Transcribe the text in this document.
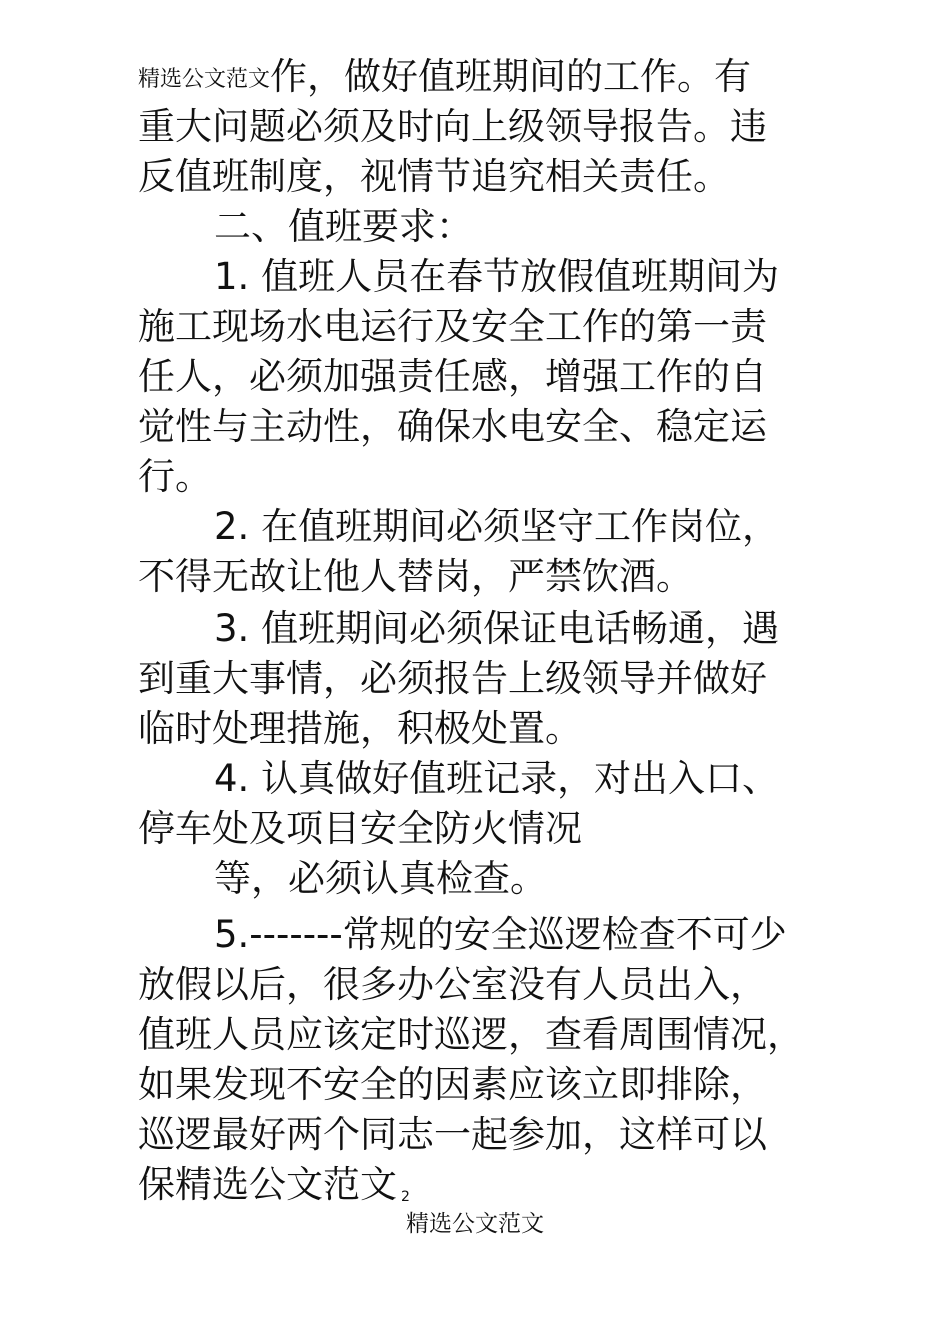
精选公文范文作，做好值班期间的工作。有
重大问题必须及时向上级领导报告。违
反值班制度，视情节追究相关责任。
二、值班要求：
1. 值班人员在春节放假值班期间为
施工现场水电运行及安全工作的第一责
任人，必须加强责任感，增强工作的自
觉性与主动性，确保水电安全、稳定运
行。
2. 在值班期间必须坚守工作岗位，
不得无故让他人替岗，严禁饮酒。
3. 值班期间必须保证电话畅通，遇
到重大事情，必须报告上级领导并做好
临时处理措施，积极处置。
4. 认真做好值班记录，对出入口、
停车处及项目安全防火情况
等，必须认真检查。
5.-------常规的安全巡逻检查不可少
放假以后，很多办公室没有人员出入，
值班人员应该定时巡逻，查看周围情况，
如果发现不安全的因素应该立即排除，
巡逻最好两个同志一起参加，这样可以
保精选公文范文 2
精选公文范文
